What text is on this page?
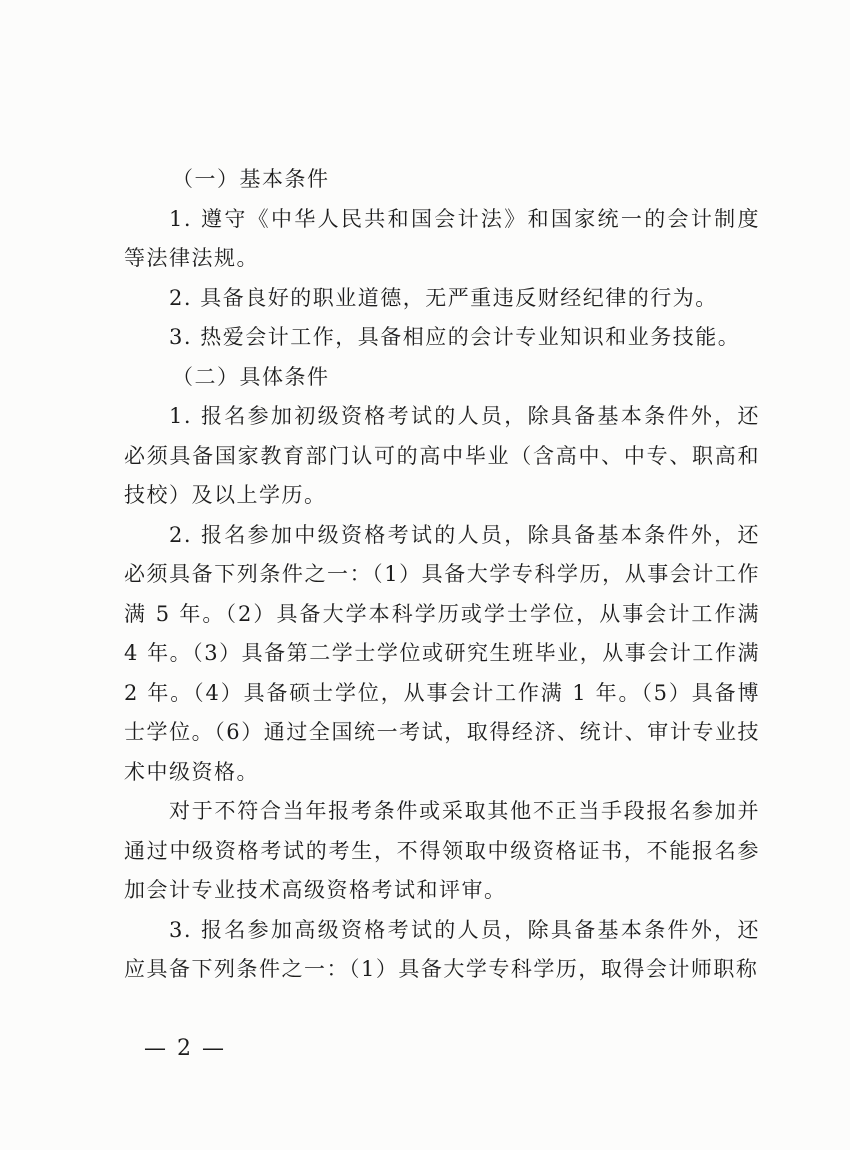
（一）基本条件

1. 遵守《中华人民共和国会计法》和国家统一的会计制度等法律法规。

2. 具备良好的职业道德，无严重违反财经纪律的行为。

3. 热爱会计工作，具备相应的会计专业知识和业务技能。

（二）具体条件

1. 报名参加初级资格考试的人员，除具备基本条件外，还必须具备国家教育部门认可的高中毕业（含高中、中专、职高和技校）及以上学历。

2. 报名参加中级资格考试的人员，除具备基本条件外，还必须具备下列条件之一：（1）具备大学专科学历，从事会计工作满 5 年。（2）具备大学本科学历或学士学位，从事会计工作满 4 年。（3）具备第二学士学位或研究生班毕业，从事会计工作满 2 年。（4）具备硕士学位，从事会计工作满 1 年。（5）具备博士学位。（6）通过全国统一考试，取得经济、统计、审计专业技术中级资格。

对于不符合当年报考条件或采取其他不正当手段报名参加并通过中级资格考试的考生，不得领取中级资格证书，不能报名参加会计专业技术高级资格考试和评审。

3. 报名参加高级资格考试的人员，除具备基本条件外，还应具备下列条件之一：（1）具备大学专科学历，取得会计师职称

— 2 —
